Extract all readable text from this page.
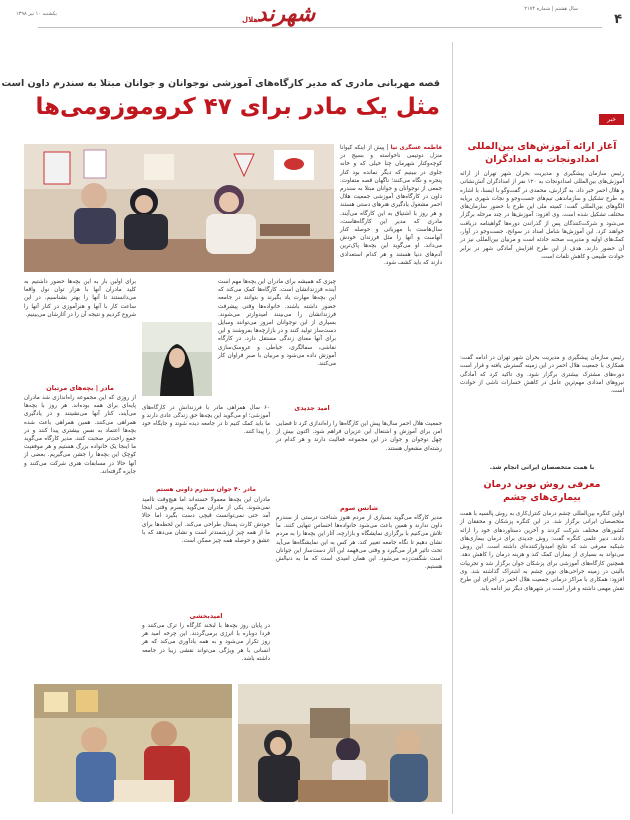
۴
سال هشتم | شماره ۲۱۷۴
شهرند
هلال
یکشنبه ۱۰ تیر ۱۳۹۸
قصه مهربانی مادری که مدیر کارگاه‌های آموزشی نوجوانان و جوانان مبتلا به سندرم داون است
مثل یک مادر برای ۴۷ کروموزومی‌ها
فاطمه عسگری نیا | پیش از اینکه کیوانا منزل دوتیمی ناخواسته و بسیج در کوچه‌وکنار شهرمان چنا خیلی که و خانه جلوی در ببینیم که دیگر نمانده بود کنار پنجره و نگاه می‌کنند؛ ناگهان قصه متفاوت. جمعی از نوجوانان و جوانان مبتلا به سندرم داون در کارگاه‌های آموزشی جمعیت هلال احمر مشغول یادگیری هنرهای دستی هستند و هر روز با اشتیاق به این کارگاه می‌آیند. مادری که مدیر این کارگاه‌هاست، سال‌هاست با مهربانی و حوصله کنار آنهاست و آنها را مثل فرزندان خودش می‌داند. او می‌گوید این بچه‌ها پاک‌ترین آدم‌های دنیا هستند و هر کدام استعدادی دارند که باید کشف شود.
برای اولین بار به این بچه‌ها حضور داشتیم به کلید مادران آنها با هزار توان نول واقعا می‌دانستند تا آنها را بهتر بشناسیم. در این ساعت کار با آنها و هنرآموزی در کنار آنها را شروع کردیم و نتیجه آن را در آثارشان می‌بینیم.
مادر | بچه‌های مرتبان
از روزی که این مجموعه راه‌اندازی شد مادران پایه‌ای برای همه بوده‌اند. هر روز با بچه‌ها می‌آیند، کنار آنها می‌نشینند و در یادگیری همراهی می‌کنند. همین همراهی باعث شده بچه‌ها اعتماد به نفس بیشتری پیدا کنند و در جمع راحت‌تر صحبت کنند. مدیر کارگاه می‌گوید ما اینجا یک خانواده بزرگ هستیم و هر موفقیت کوچک این بچه‌ها را جشن می‌گیریم. بعضی از آنها حالا در مسابقات هنری شرکت می‌کنند و جایزه گرفته‌اند.
۶۰ سال همراهی مادر با فرزندانش در کارگاه‌های آموزشی؛ او می‌گوید این بچه‌ها حق زندگی عادی دارند و ما باید کمک کنیم تا در جامعه دیده شوند و جایگاه خود را پیدا کنند.
چیزی که همیشه برای مادران این بچه‌ها مهم است آینده فرزندانشان است. کارگاه‌ها کمک می‌کند که این بچه‌ها مهارت یاد بگیرند و بتوانند در جامعه حضور داشته باشند. خانواده‌ها وقتی پیشرفت فرزندانشان را می‌بینند امیدوارتر می‌شوند. بسیاری از این نوجوانان امروز می‌توانند وسایل دست‌ساز تولید کنند و در بازارچه‌ها بفروشند و این برای آنها معنای زندگی مستقل دارد. در کارگاه نقاشی، سفالگری، خیاطی و عروسک‌سازی آموزش داده می‌شود و مربیان با صبر فراوان کار می‌کنند.
امید جدیدی
مادر ۴۰ جوان سندرم داونی هستم
مادران این بچه‌ها معمولا خسته‌اند اما هیچ‌وقت ناامید نمی‌شوند. یکی از مادران می‌گوید پسرم وقتی اینجا آمد حتی نمی‌توانست قیچی دست بگیرد اما حالا خودش کارت پستال طراحی می‌کند. این لحظه‌ها برای ما از همه چیز ارزشمندتر است و نشان می‌دهد که با عشق و حوصله همه چیز ممکن است.
جمعیت هلال احمر سال‌ها پیش این کارگاه‌ها را راه‌اندازی کرد تا فضایی امن برای آموزش و اشتغال این عزیزان فراهم شود. اکنون بیش از چهل نوجوان و جوان در این مجموعه فعالیت دارند و هر کدام در رشته‌ای مشغول هستند.
شانس سوم
مدیر کارگاه می‌گوید بسیاری از مردم هنوز شناخت درستی از سندرم داون ندارند و همین باعث می‌شود خانواده‌ها احساس تنهایی کنند. ما تلاش می‌کنیم با برگزاری نمایشگاه و بازارچه، آثار این بچه‌ها را به مردم نشان دهیم تا نگاه جامعه تغییر کند. هر کس به این نمایشگاه‌ها می‌آید تحت تاثیر قرار می‌گیرد و وقتی می‌فهمد این آثار دست‌ساز این جوانان است شگفت‌زده می‌شود. این همان امیدی است که ما به دنبالش هستیم.
امیدبخشی
در پایان روز بچه‌ها با لبخند کارگاه را ترک می‌کنند و فردا دوباره با انرژی برمی‌گردند. این چرخه امید هر روز تکرار می‌شود و به همه یادآوری می‌کند که هر انسانی با هر ویژگی می‌تواند نقشی زیبا در جامعه داشته باشد.
خبر
آغاز ارائه آموزش‌های بین‌المللی امدادونجات به امدادگران
رئیس سازمان پیشگیری و مدیریت بحران شهر تهران از ارائه آموزش‌های بین‌المللی امدادونجات به ۱۲۰ نفر از امدادگران آتش‌نشانی و هلال احمر خبر داد. به گزارش، محمدی در گفت‌وگو با ایسنا، با اشاره به طرح تشکیل و سازماندهی تیم‌های جست‌وجو و نجات شهری برپایه الگوهای بین‌المللی گفت: کمیته ملی این طرح با حضور سازمان‌های مختلف تشکیل شده است. وی افزود: آموزش‌ها در چند مرحله برگزار می‌شود و شرکت‌کنندگان پس از گذراندن دوره‌ها گواهینامه دریافت خواهند کرد. این آموزش‌ها شامل امداد در سوانح، جست‌وجو در آوار، کمک‌های اولیه و مدیریت صحنه حادثه است و مربیان بین‌المللی نیز در آن حضور دارند. هدف از این طرح افزایش آمادگی شهر در برابر حوادث طبیعی و کاهش تلفات است.
رئیس سازمان پیشگیری و مدیریت بحران شهر تهران در ادامه گفت: همکاری با جمعیت هلال احمر در این زمینه گسترش یافته و قرار است دوره‌های مشترک بیشتری برگزار شود. وی تاکید کرد که آمادگی نیروهای امدادی مهم‌ترین عامل در کاهش خسارات ناشی از حوادث است.
با همت متخصصان ایرانی انجام شد.
معرفی روش نوین درمان بیماری‌های چشم
اولین کنگره بین‌المللی چشم درمان کنترل‌کاری به روش پالسیه با همت متخصصان ایرانی برگزار شد. در این کنگره پزشکان و محققان از کشورهای مختلف شرکت کردند و آخرین دستاوردهای خود را ارائه دادند. دبیر علمی کنگره گفت: روش جدیدی برای درمان بیماری‌های شبکیه معرفی شد که نتایج امیدوارکننده‌ای داشته است. این روش می‌تواند به بسیاری از بیماران کمک کند و هزینه درمان را کاهش دهد. همچنین کارگاه‌های آموزشی برای پزشکان جوان برگزار شد و تجربیات بالینی در زمینه جراحی‌های نوین چشم به اشتراک گذاشته شد. وی افزود: همکاری با مراکز درمانی جمعیت هلال احمر در اجرای این طرح نقش مهمی داشته و قرار است در شهرهای دیگر نیز ادامه یابد.
